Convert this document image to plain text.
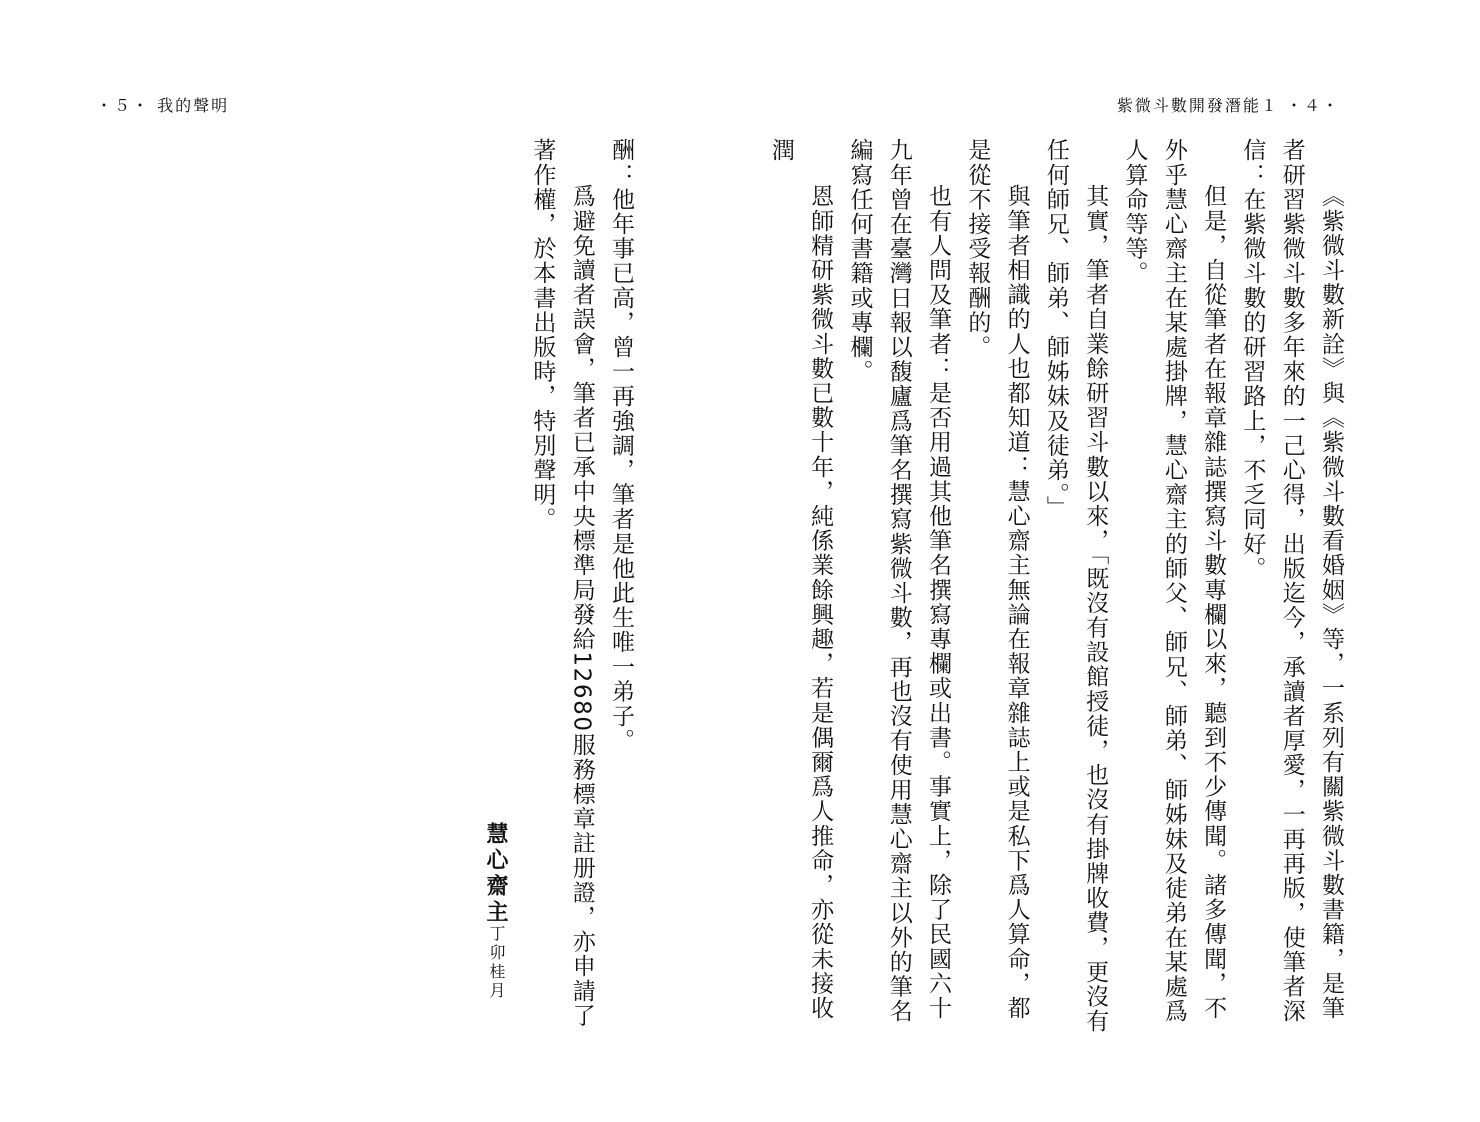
・５・ 我的聲明	紫微斗數開發潛能１ ・４・

《紫微斗數新詮》與《紫微斗數看婚姻》等，一系列有關紫微斗數書籍，是筆者研習紫微斗數多年來的一己心得，出版迄今，承讀者厚愛，一再再版，使筆者深信：在紫微斗數的研習路上，不乏同好。

但是，自從筆者在報章雜誌撰寫斗數專欄以來，聽到不少傳聞。諸多傳聞，不外乎慧心齋主在某處掛牌，慧心齋主的師父、師兄、師弟、師姊妹及徒弟在某處爲人算命等等。

其實，筆者自業餘研習斗數以來，「既沒有設館授徒，也沒有掛牌收費，更沒有任何師兄、師弟、師姊妹及徒弟。」

與筆者相識的人也都知道：慧心齋主無論在報章雜誌上或是私下爲人算命，都是從不接受報酬的。

也有人問及筆者：是否用過其他筆名撰寫專欄或出書。事實上，除了民國六十九年曾在臺灣日報以馥廬爲筆名撰寫紫微斗數，再也沒有使用慧心齋主以外的筆名編寫任何書籍或專欄。

恩師精研紫微斗數已數十年，純係業餘興趣，若是偶爾爲人推命，亦從未接收潤

酬：他年事已高，曾一再強調，筆者是他此生唯一弟子。

爲避免讀者誤會，筆者已承中央標準局發給12680服務標章註册證，亦申請了著作權，於本書出版時，特別聲明。

慧心齋主
丁卯桂月
